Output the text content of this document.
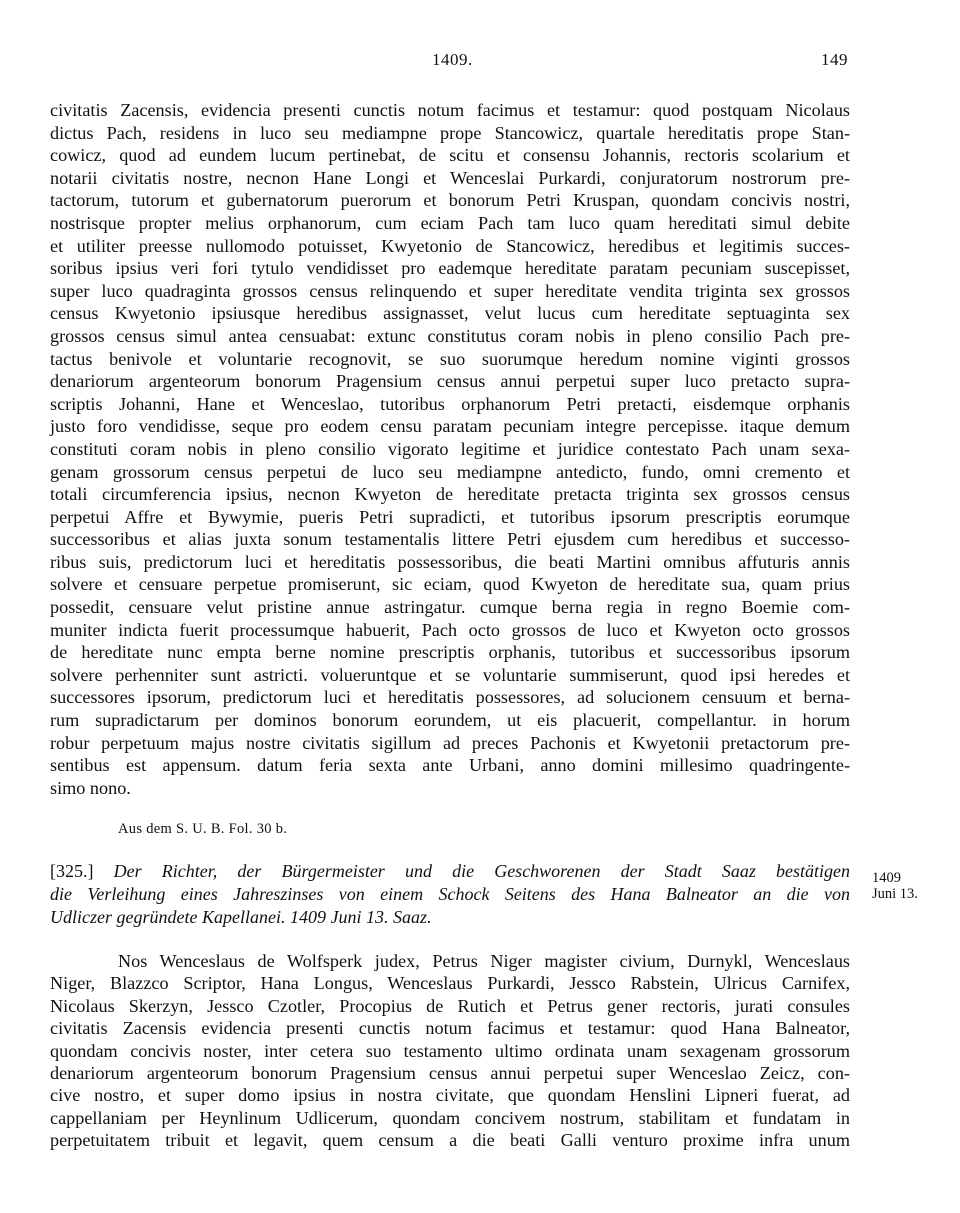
1409.	149
civitatis Zacensis, evidencia presenti cunctis notum facimus et testamur: quod postquam Nicolaus
dictus Pach, residens in luco seu mediampne prope Stancowicz, quartale hereditatis prope Stan-
cowicz, quod ad eundem lucum pertinebat, de scitu et consensu Johannis, rectoris scolarium et
notarii civitatis nostre, necnon Hane Longi et Wenceslai Purkardi, conjuratorum nostrorum pre-
tactorum, tutorum et gubernatorum puerorum et bonorum Petri Kruspan, quondam concivis nostri,
nostrisque propter melius orphanorum, cum eciam Pach tam luco quam hereditati simul debite
et utiliter preesse nullomodo potuisset, Kwyetonio de Stancowicz, heredibus et legitimis succes-
soribus ipsius veri fori tytulo vendidisset pro eademque hereditate paratam pecuniam suscepisset,
super luco quadraginta grossos census relinquendo et super hereditate vendita triginta sex grossos
census Kwyetonio ipsiusque heredibus assignasset, velut lucus cum hereditate septuaginta sex
grossos census simul antea censuabat: extunc constitutus coram nobis in pleno consilio Pach pre-
tactus benivole et voluntarie recognovit, se suo suorumque heredum nomine viginti grossos
denariorum argenteorum bonorum Pragensium census annui perpetui super luco pretacto supra-
scriptis Johanni, Hane et Wenceslao, tutoribus orphanorum Petri pretacti, eisdemque orphanis
justo foro vendidisse, seque pro eodem censu paratam pecuniam integre percepisse. itaque demum
constituti coram nobis in pleno consilio vigorato legitime et juridice contestato Pach unam sexa-
genam grossorum census perpetui de luco seu mediampne antedicto, fundo, omni cremento et
totali circumferencia ipsius, necnon Kwyeton de hereditate pretacta triginta sex grossos census
perpetui Affre et Bywymie, pueris Petri supradicti, et tutoribus ipsorum prescriptis eorumque
successoribus et alias juxta sonum testamentalis littere Petri ejusdem cum heredibus et successo-
ribus suis, predictorum luci et hereditatis possessoribus, die beati Martini omnibus affuturis annis
solvere et censuare perpetue promiserunt, sic eciam, quod Kwyeton de hereditate sua, quam prius
possedit, censuare velut pristine annue astringatur. cumque berna regia in regno Boemie com-
muniter indicta fuerit processumque habuerit, Pach octo grossos de luco et Kwyeton octo grossos
de hereditate nunc empta berne nomine prescriptis orphanis, tutoribus et successoribus ipsorum
solvere perhenniter sunt astricti. volueruntque et se voluntarie summiserunt, quod ipsi heredes et
successores ipsorum, predictorum luci et hereditatis possessores, ad solucionem censuum et berna-
rum supradictarum per dominos bonorum eorundem, ut eis placuerit, compellantur. in horum
robur perpetuum majus nostre civitatis sigillum ad preces Pachonis et Kwyetonii pretactorum pre-
sentibus est appensum. datum feria sexta ante Urbani, anno domini millesimo quadringente-
simo nono.
Aus dem S. U. B. Fol. 30 b.
[325.] Der Richter, der Bürgermeister und die Geschworenen der Stadt Saaz bestätigen
die Verleihung eines Jahreszinses von einem Schock Seitens des Hana Balneator an die von
Udliczer gegründete Kapellanei. 1409 Juni 13. Saaz.
1409
Juni 13.
Nos Wenceslaus de Wolfsperk judex, Petrus Niger magister civium, Durnykl, Wenceslaus
Niger, Blazzco Scriptor, Hana Longus, Wenceslaus Purkardi, Jessco Rabstein, Ulricus Carnifex,
Nicolaus Skerzyn, Jessco Czotler, Procopius de Rutich et Petrus gener rectoris, jurati consules
civitatis Zacensis evidencia presenti cunctis notum facimus et testamur: quod Hana Balneator,
quondam concivis noster, inter cetera suo testamento ultimo ordinata unam sexagenam grossorum
denariorum argenteorum bonorum Pragensium census annui perpetui super Wenceslao Zeicz, con-
cive nostro, et super domo ipsius in nostra civitate, que quondam Henslini Lipneri fuerat, ad
cappellaniam per Heynlinum Udlicerum, quondam concivem nostrum, stabilitam et fundatam in
perpetuitatem tribuit et legavit, quem censum a die beati Galli venturo proxime infra unum
